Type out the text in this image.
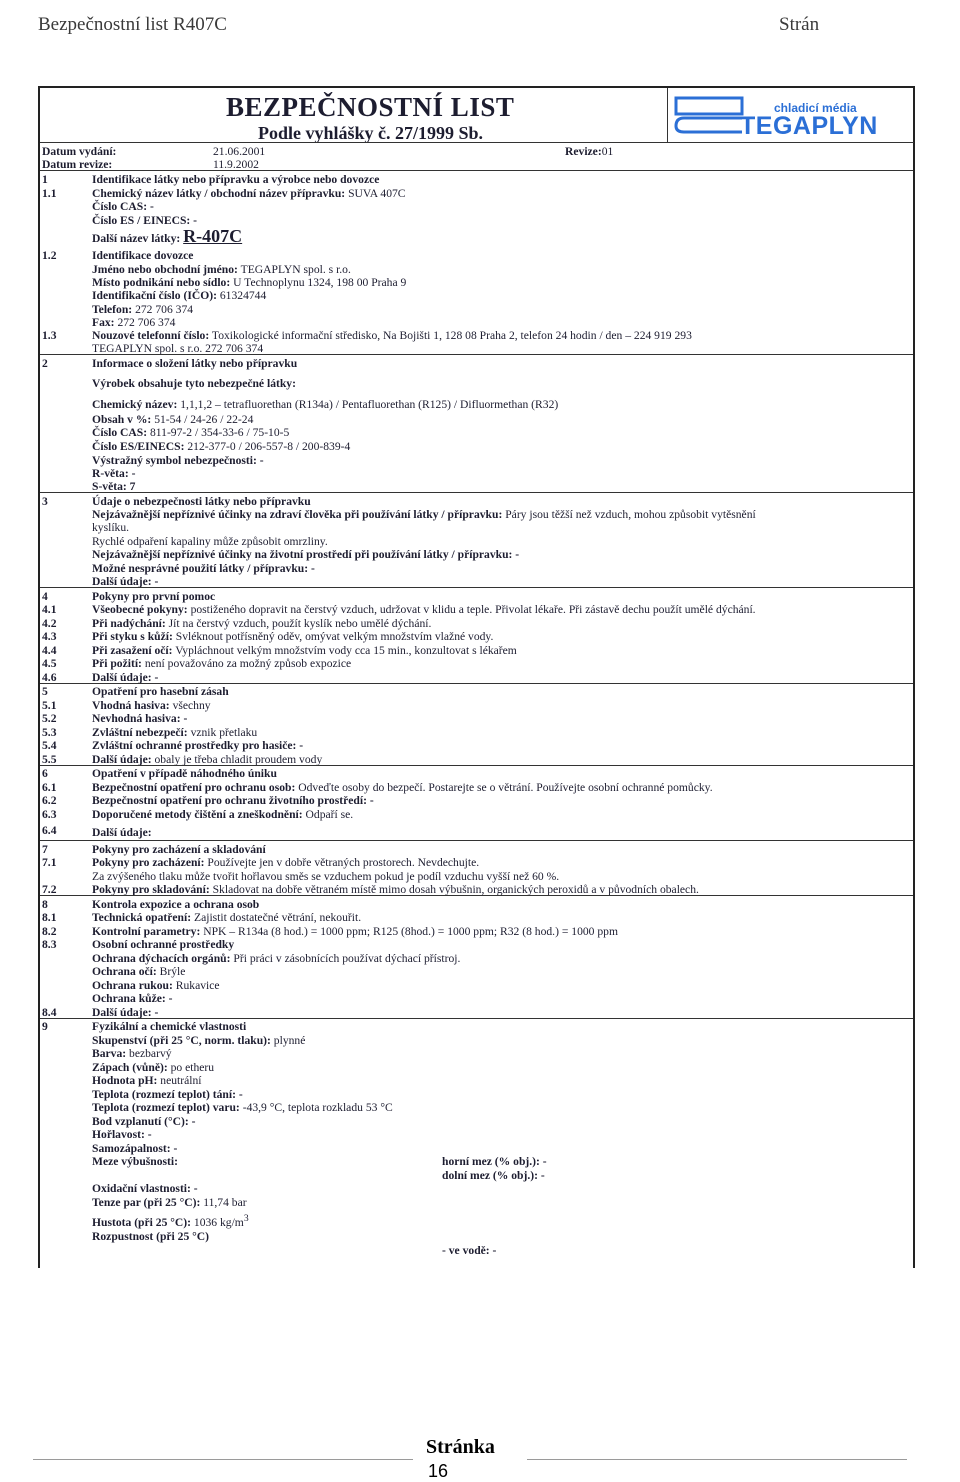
Bezpečnostní list R407C	Strán
BEZPEČNOSTNÍ LIST
Podle vyhlášky č. 27/1999 Sb.
chladicí média
TEGAPLYN
Datum vydání:	21.06.2001	Revize:01
Datum revize:	11.9.2002
1	Identifikace látky nebo přípravku a výrobce nebo dovozce
1.1	Chemický název látky / obchodní název přípravku: SUVA 407C
Číslo CAS: -
Číslo ES / EINECS: -
Další název látky: R-407C
1.2	Identifikace dovozce
Jméno nebo obchodní jméno: TEGAPLYN spol. s r.o.
Místo podnikání nebo sídlo: U Technoplynu 1324, 198 00 Praha 9
Identifikační číslo (IČO): 61324744
Telefon: 272 706 374
Fax: 272 706 374
1.3	Nouzové telefonní číslo: Toxikologické informační středisko, Na Bojišti 1, 128 08 Praha 2, telefon 24 hodin / den – 224 919 293
TEGAPLYN spol. s r.o. 272 706 374
2	Informace o složení látky nebo přípravku
Výrobek obsahuje tyto nebezpečné látky:
Chemický název: 1,1,1,2 – tetrafluorethan (R134a) / Pentafluorethan (R125) / Difluormethan (R32)
Obsah v %: 51-54 / 24-26 / 22-24
Číslo CAS: 811-97-2 / 354-33-6 / 75-10-5
Číslo ES/EINECS: 212-377-0 / 206-557-8 / 200-839-4
Výstražný symbol nebezpečnosti: -
R-věta: -
S-věta: 7
3	Údaje o nebezpečnosti látky nebo přípravku
Nejzávažnější nepříznivé účinky na zdraví člověka při používání látky / přípravku: Páry jsou těžší než vzduch, mohou způsobit vytěsnění
kyslíku.
Rychlé odpaření kapaliny může způsobit omrzliny.
Nejzávažnější nepříznivé účinky na životní prostředí při používání látky / přípravku: -
Možné nesprávné použití látky / přípravku: -
Další údaje: -
4	Pokyny pro první pomoc
4.1	Všeobecné pokyny: postiženého dopravit na čerstvý vzduch, udržovat v klidu a teple. Přivolat lékaře. Při zástavě dechu použít umělé dýchání.
4.2	Při nadýchání: Jít na čerstvý vzduch, použít kyslík nebo umělé dýchání.
4.3	Při styku s kůží: Svléknout potřísněný oděv, omývat velkým množstvím vlažné vody.
4.4	Při zasažení očí: Vypláchnout velkým množstvím vody cca 15 min., konzultovat s lékařem
4.5	Při požití: není považováno za možný způsob expozice
4.6	Další údaje: -
5	Opatření pro hasební zásah
5.1	Vhodná hasiva: všechny
5.2	Nevhodná hasiva: -
5.3	Zvláštní nebezpečí: vznik přetlaku
5.4	Zvláštní ochranné prostředky pro hasiče: -
5.5	Další údaje: obaly je třeba chladit proudem vody
6	Opatření v případě náhodného úniku
6.1	Bezpečnostní opatření pro ochranu osob: Odveďte osoby do bezpečí. Postarejte se o větrání. Používejte osobní ochranné pomůcky.
6.2	Bezpečnostní opatření pro ochranu životního prostředí: -
6.3	Doporučené metody čištění a zneškodnění: Odpaří se.
6.4	Další údaje:
7	Pokyny pro zacházení a skladování
7.1	Pokyny pro zacházení: Používejte jen v dobře větraných prostorech. Nevdechujte.
Za zvýšeného tlaku může tvořit hořlavou směs se vzduchem pokud je podíl vzduchu vyšší než 60 %.
7.2	Pokyny pro skladování: Skladovat na dobře větraném místě mimo dosah výbušnin, organických peroxidů a v původních obalech.
8	Kontrola expozice a ochrana osob
8.1	Technická opatření: Zajistit dostatečné větrání, nekouřit.
8.2	Kontrolní parametry: NPK – R134a (8 hod.) = 1000 ppm; R125 (8hod.) = 1000 ppm; R32 (8 hod.) = 1000 ppm
8.3	Osobní ochranné prostředky
Ochrana dýchacích orgánů: Při práci v zásobnících používat dýchací přístroj.
Ochrana očí: Brýle
Ochrana rukou: Rukavice
Ochrana kůže: -
8.4	Další údaje: -
9	Fyzikální a chemické vlastnosti
Skupenství (při 25 °C, norm. tlaku): plynné
Barva: bezbarvý
Zápach (vůně): po etheru
Hodnota pH: neutrální
Teplota (rozmezí teplot) tání: -
Teplota (rozmezí teplot) varu: -43,9 °C, teplota rozkladu 53 °C
Bod vzplanutí (°C): -
Hořlavost: -
Samozápalnost: -
Meze výbušnosti:	horní mez (% obj.): -
dolní mez (% obj.): -
Oxidační vlastnosti: -
Tenze par (při 25 °C): 11,74 bar
Hustota (při 25 °C): 1036 $kg/m^3$
Rozpustnost (při 25 °C)
- ve vodě: -
Stránka
16
